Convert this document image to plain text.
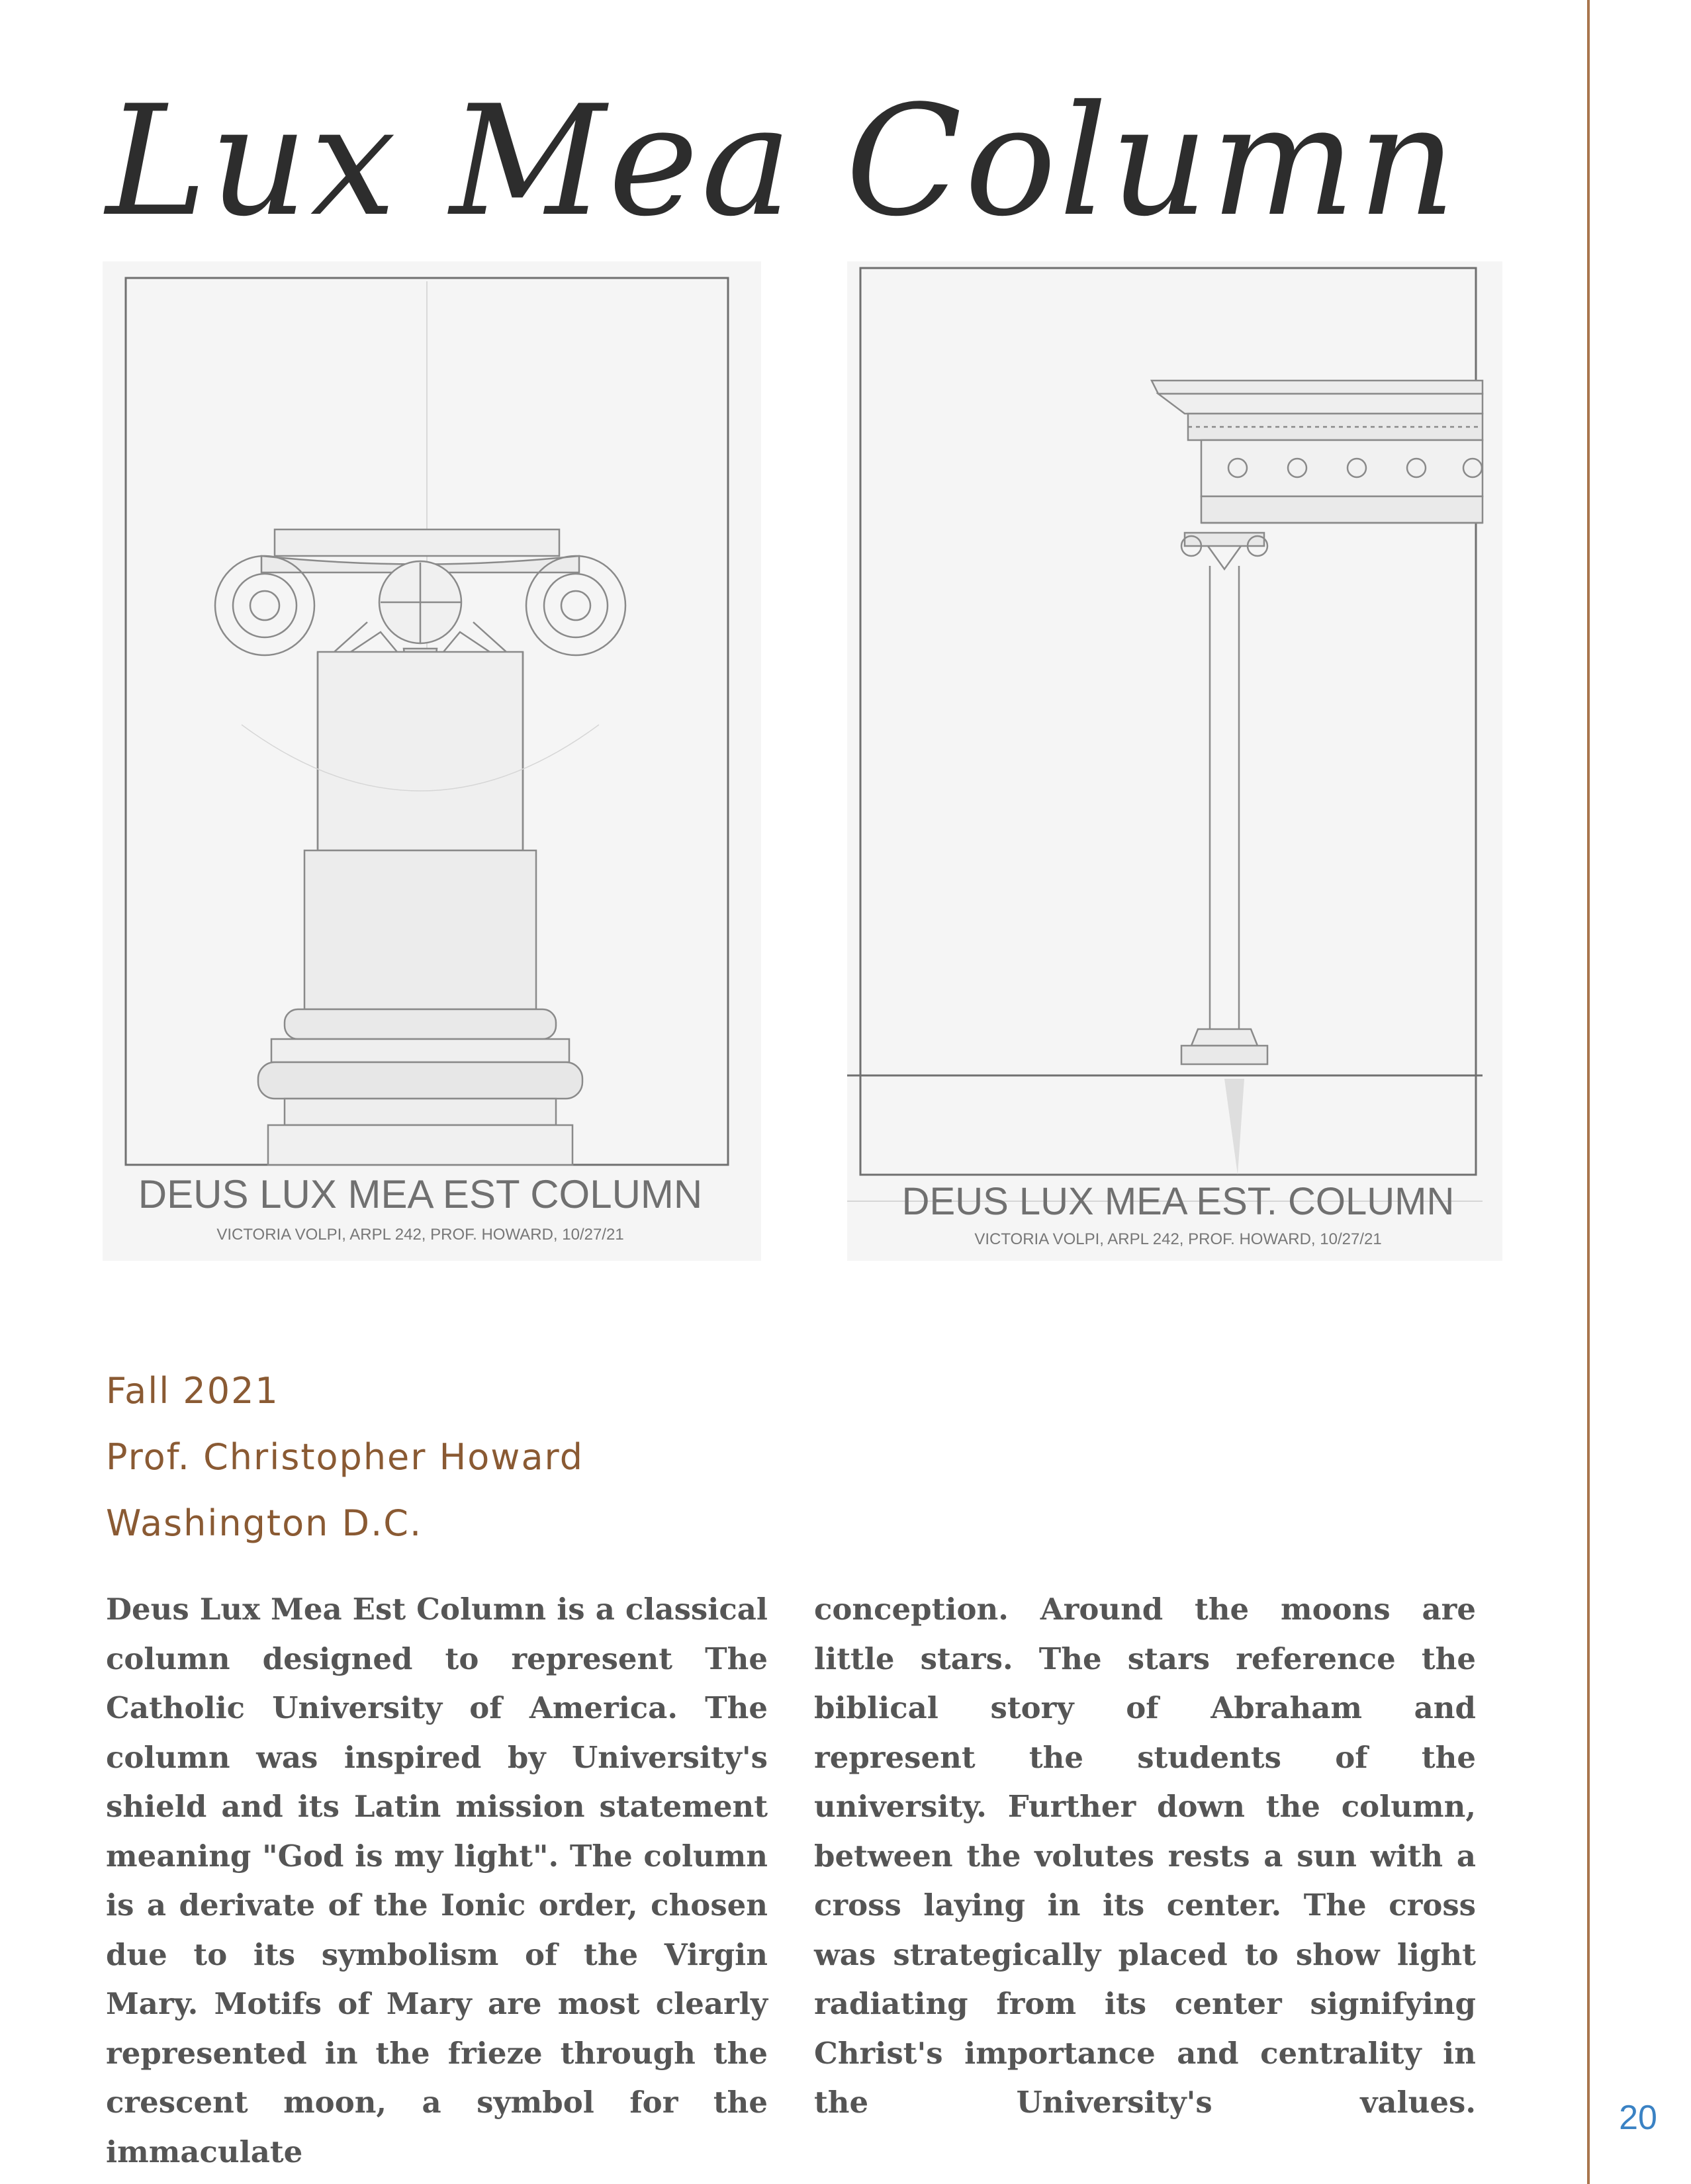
Lux Mea Column
DEUS LUX MEA EST COLUMN
VICTORIA VOLPI, ARPL 242, PROF. HOWARD, 10/27/21
DEUS LUX MEA EST. COLUMN
VICTORIA VOLPI, ARPL 242, PROF. HOWARD, 10/27/21
Fall 2021
Prof. Christopher Howard
Washington D.C.
Deus Lux Mea Est Column is a classical column designed to represent The Catholic University of America. The column was inspired by University's shield and its Latin mission statement meaning "God is my light". The column is a derivate of the Ionic order, chosen due to its symbolism of the Virgin Mary. Motifs of Mary are most clearly represented in the frieze through the crescent moon, a symbol for the immaculate
conception. Around the moons are little stars. The stars reference the biblical story of Abraham and represent the students of the university. Further down the column, between the volutes rests a sun with a cross laying in its center. The cross was strategically placed to show light radiating from its center signifying Christ's importance and centrality in the University's values.	20
